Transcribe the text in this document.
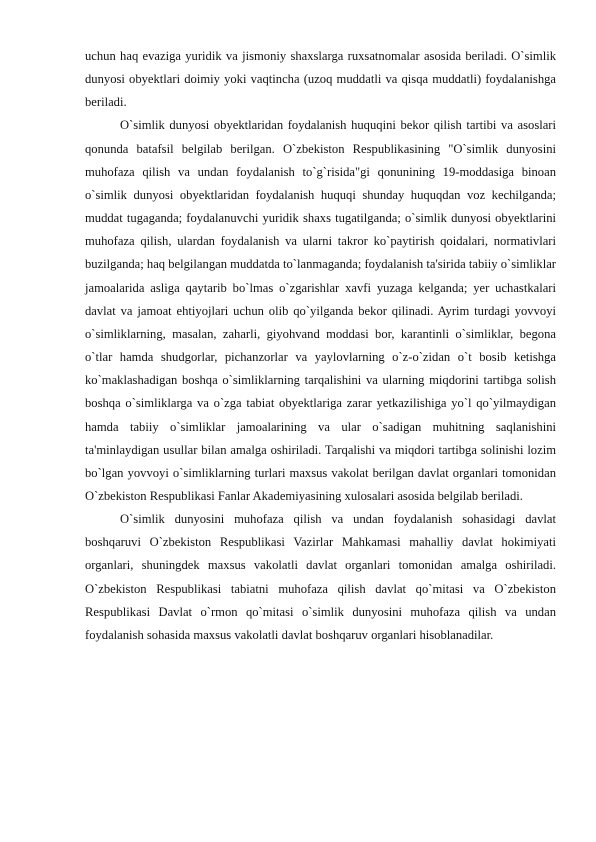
uchun haq evaziga yuridik va jismoniy shaxslarga ruxsatnomalar asosida beriladi. O`simlik dunyosi obyektlari doimiy yoki vaqtincha (uzoq muddatli va qisqa muddatli) foydalanishga beriladi.

O`simlik dunyosi obyektlaridan foydalanish huquqini bekor qilish tartibi va asoslari qonunda batafsil belgilab berilgan. O`zbekiston Respublikasining "O`simlik dunyosini muhofaza qilish va undan foydalanish to`g`risida"gi qonunining 19-moddasiga binoan o`simlik dunyosi obyektlaridan foydalanish huquqi shunday huquqdan voz kechilganda; muddat tugaganda; foydalanuvchi yuridik shaxs tugatilganda; o`simlik dunyosi obyektlarini muhofaza qilish, ulardan foydalanish va ularni takror ko`paytirish qoidalari, normativlari buzilganda; haq belgilangan muddatda to`lanmaganda; foydalanish ta'sirida tabiiy o`simliklar jamoalarida asliga qaytarib bo`lmas o`zgarishlar xavfi yuzaga kelganda; yer uchastkalari davlat va jamoat ehtiyojlari uchun olib qo`yilganda bekor qilinadi. Ayrim turdagi yovvoyi o`simliklarning, masalan, zaharli, giyohvand moddasi bor, karantinli o`simliklar, begona o`tlar hamda shudgorlar, pichanzorlar va yaylovlarning o`z-o`zidan o`t bosib ketishga ko`maklashadigan boshqa o`simliklarning tarqalishini va ularning miqdorini tartibga solish boshqa o`simliklarga va o`zga tabiat obyektlariga zarar yetkazilishiga yo`l qo`yilmaydigan hamda tabiiy o`simliklar jamoalarining va ular o`sadigan muhitning saqlanishini ta'minlaydigan usullar bilan amalga oshiriladi. Tarqalishi va miqdori tartibga solinishi lozim bo`lgan yovvoyi o`simliklarning turlari maxsus vakolat berilgan davlat organlari tomonidan O`zbekiston Respublikasi Fanlar Akademiyasining xulosalari asosida belgilab beriladi.

O`simlik dunyosini muhofaza qilish va undan foydalanish sohasidagi davlat boshqaruvi O`zbekiston Respublikasi Vazirlar Mahkamasi mahalliy davlat hokimiyati organlari, shuningdek maxsus vakolatli davlat organlari tomonidan amalga oshiriladi. O`zbekiston Respublikasi tabiatni muhofaza qilish davlat qo`mitasi va O`zbekiston Respublikasi Davlat o`rmon qo`mitasi o`simlik dunyosini muhofaza qilish va undan foydalanish sohasida maxsus vakolatli davlat boshqaruv organlari hisoblanadilar.
